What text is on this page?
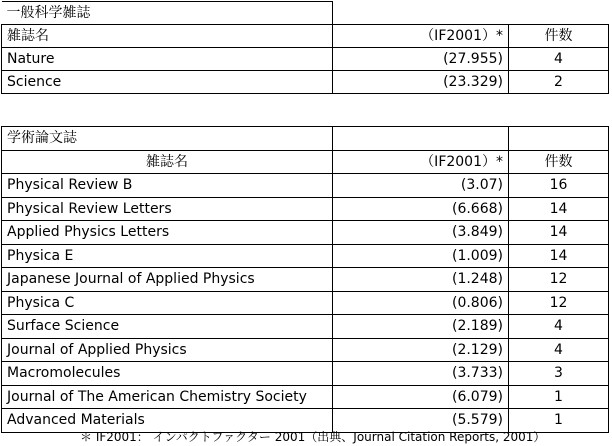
一般科学雑誌		
雑誌名	（IF2001）*	件数
Nature	(27.955)	4
Science	(23.329)	2
学術論文誌		
雑誌名	（IF2001）*	件数
Physical Review B	(3.07)	16
Physical Review Letters	(6.668)	14
Applied Physics Letters	(3.849)	14
Physica E	(1.009)	14
Japanese Journal of Applied Physics	(1.248)	12
Physica C	(0.806)	12
Surface Science	(2.189)	4
Journal of Applied Physics	(2.129)	4
Macromolecules	(3.733)	3
Journal of The American Chemistry Society	(6.079)	1
Advanced Materials	(5.579)	1
＊ IF2001： インパクトファクター 2001（出典、Journal Citation Reports, 2001）
